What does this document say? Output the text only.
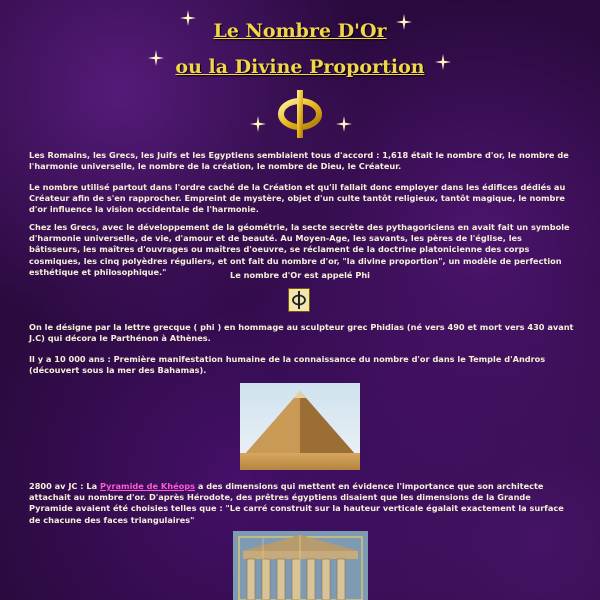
Le Nombre D'Or
ou la Divine Proportion

Les Romains, les Grecs, les Juifs et les Egyptiens semblaient tous d'accord : 1,618 était le nombre d'or, le nombre de l'harmonie universelle, le nombre de la création, le nombre de Dieu, le Créateur.

Le nombre utilisé partout dans l'ordre caché de la Création et qu'il fallait donc employer dans les édifices dédiés au Créateur afin de s'en rapprocher. Empreint de mystère, objet d'un culte tantôt religieux, tantôt magique, le nombre d'or influence la vision occidentale de l'harmonie.

Chez les Grecs, avec le développement de la géométrie, la secte secrète des pythagoriciens en avait fait un symbole d'harmonie universelle, de vie, d'amour et de beauté. Au Moyen-Age, les savants, les pères de l'église, les bâtisseurs, les maîtres d'ouvrages ou maîtres d'oeuvre, se réclament de la doctrine platonicienne des corps cosmiques, les cinq polyèdres réguliers, et ont fait du nombre d'or, "la divine proportion", un modèle de perfection esthétique et philosophique."	Le nombre d'Or est appelé Phi

On le désigne par la lettre grecque ( phi ) en hommage au sculpteur grec Phidias (né vers 490 et mort vers 430 avant J.C) qui décora le Parthénon à Athènes.

Il y a 10 000 ans : Première manifestation humaine de la connaissance du nombre d'or dans le Temple d'Andros (découvert sous la mer des Bahamas).

2800 av JC : La Pyramide de Khéops a des dimensions qui mettent en évidence l'importance que son architecte attachait au nombre d'or. D'après Hérodote, des prêtres égyptiens disaient que les dimensions de la Grande Pyramide avaient été choisies telles que : "Le carré construit sur la hauteur verticale égalait exactement la surface de chacune des faces triangulaires"
